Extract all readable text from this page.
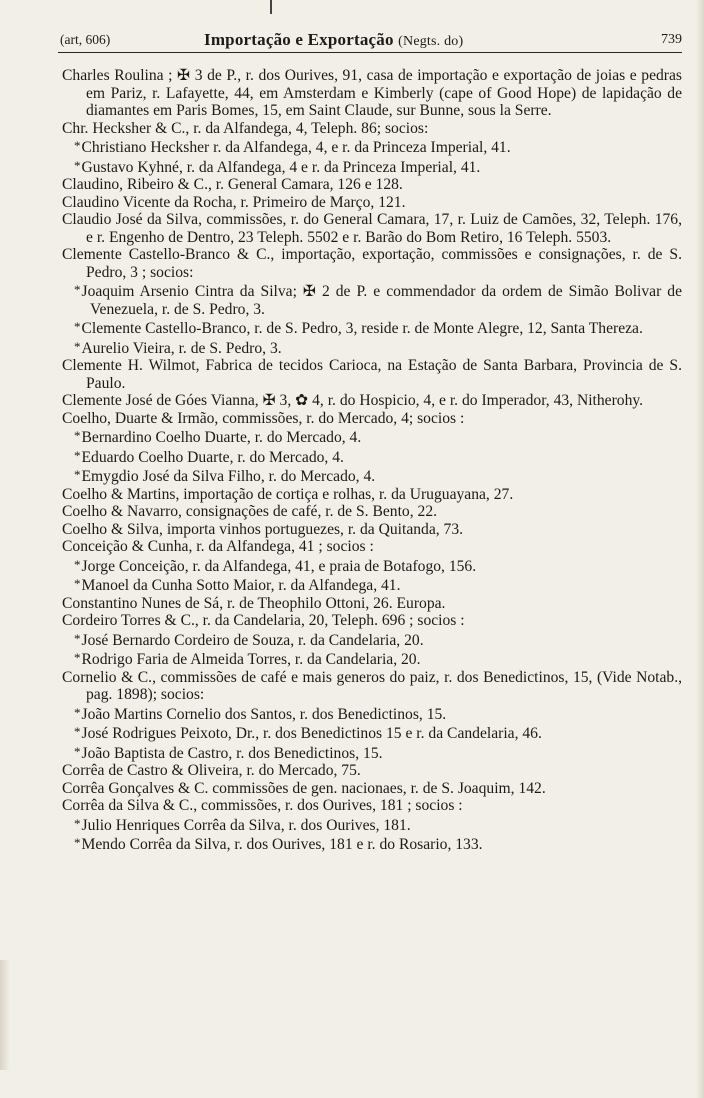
(art, 606)	Importação e Exportação (Negts. do)	739
Charles Roulina ; ✠ 3 de P., r. dos Ourives, 91, casa de importação e exportação de joias e pedras em Pariz, r. Lafayette, 44, em Amsterdam e Kimberly (cape of Good Hope) de lapidação de diamantes em Paris Bomes, 15, em Saint Claude, sur Bunne, sous la Serre.
Chr. Hecksher & C., r. da Alfandega, 4, Teleph. 86; socios:
*Christiano Hecksher r. da Alfandega, 4, e r. da Princeza Imperial, 41.
*Gustavo Kyhné, r. da Alfandega, 4 e r. da Princeza Imperial, 41.
Claudino, Ribeiro & C., r. General Camara, 126 e 128.
Claudino Vicente da Rocha, r. Primeiro de Março, 121.
Claudio José da Silva, commissões, r. do General Camara, 17, r. Luiz de Camões, 32, Teleph. 176, e r. Engenho de Dentro, 23 Teleph. 5502 e r. Barão do Bom Retiro, 16 Teleph. 5503.
Clemente Castello-Branco & C., importação, exportação, commissões e consignações, r. de S. Pedro, 3 ; socios:
*Joaquim Arsenio Cintra da Silva; ✠ 2 de P. e commendador da ordem de Simão Bolivar de Venezuela, r. de S. Pedro, 3.
*Clemente Castello-Branco, r. de S. Pedro, 3, reside r. de Monte Alegre, 12, Santa Thereza.
*Aurelio Vieira, r. de S. Pedro, 3.
Clemente H. Wilmot, Fabrica de tecidos Carioca, na Estação de Santa Barbara, Provincia de S. Paulo.
Clemente José de Góes Vianna, ✠ 3, ✿ 4, r. do Hospicio, 4, e r. do Imperador, 43, Nitherohy.
Coelho, Duarte & Irmão, commissões, r. do Mercado, 4; socios :
*Bernardino Coelho Duarte, r. do Mercado, 4.
*Eduardo Coelho Duarte, r. do Mercado, 4.
*Emygdio José da Silva Filho, r. do Mercado, 4.
Coelho & Martins, importação de cortiça e rolhas, r. da Uruguayana, 27.
Coelho & Navarro, consignações de café, r. de S. Bento, 22.
Coelho & Silva, importa vinhos portuguezes, r. da Quitanda, 73.
Conceição & Cunha, r. da Alfandega, 41 ; socios :
*Jorge Conceição, r. da Alfandega, 41, e praia de Botafogo, 156.
*Manoel da Cunha Sotto Maior, r. da Alfandega, 41.
Constantino Nunes de Sá, r. de Theophilo Ottoni, 26. Europa.
Cordeiro Torres & C., r. da Candelaria, 20, Teleph. 696 ; socios :
*José Bernardo Cordeiro de Souza, r. da Candelaria, 20.
*Rodrigo Faria de Almeida Torres, r. da Candelaria, 20.
Cornelio & C., commissões de café e mais generos do paiz, r. dos Benedictinos, 15, (Vide Notab., pag. 1898); socios:
*João Martins Cornelio dos Santos, r. dos Benedictinos, 15.
*José Rodrigues Peixoto, Dr., r. dos Benedictinos 15 e r. da Candelaria, 46.
*João Baptista de Castro, r. dos Benedictinos, 15.
Corrêa de Castro & Oliveira, r. do Mercado, 75.
Corrêa Gonçalves & C. commissões de gen. nacionaes, r. de S. Joaquim, 142.
Corrêa da Silva & C., commissões, r. dos Ourives, 181 ; socios :
*Julio Henriques Corrêa da Silva, r. dos Ourives, 181.
*Mendo Corrêa da Silva, r. dos Ourives, 181 e r. do Rosario, 133.
